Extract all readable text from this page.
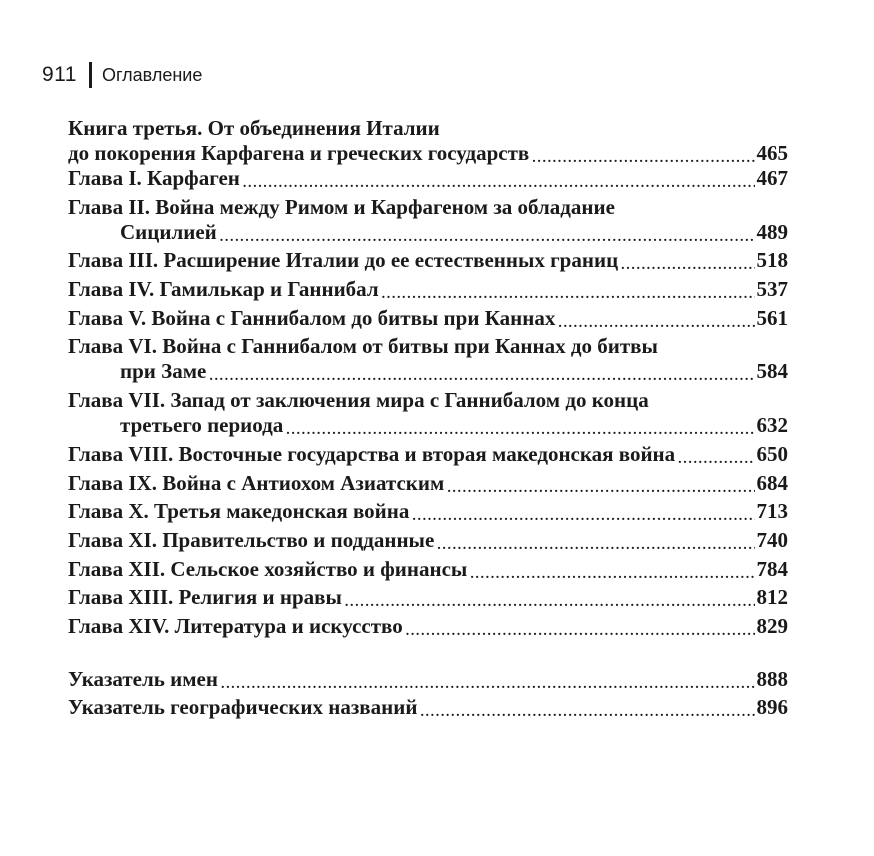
911 Оглавление
Книга третья. От объединения Италии
до покорения Карфагена и греческих государств .....	465
Глава I. Карфаген .....	467
Глава II. Война между Римом и Карфагеном за обладание
Сицилией .....	489
Глава III. Расширение Италии до ее естественных границ .....	518
Глава IV. Гамилькар и Ганнибал .....	537
Глава V. Война с Ганнибалом до битвы при Каннах .....	561
Глава VI. Война с Ганнибалом от битвы при Каннах до битвы
при Заме .....	584
Глава VII. Запад от заключения мира с Ганнибалом до конца
третьего периода .....	632
Глава VIII. Восточные государства и вторая македонская война .....	650
Глава IX. Война с Антиохом Азиатским .....	684
Глава X. Третья македонская война .....	713
Глава XI. Правительство и подданные .....	740
Глава XII. Сельское хозяйство и финансы .....	784
Глава XIII. Религия и нравы .....	812
Глава XIV. Литература и искусство .....	829
Указатель имен .....	888
Указатель географических названий .....	896
